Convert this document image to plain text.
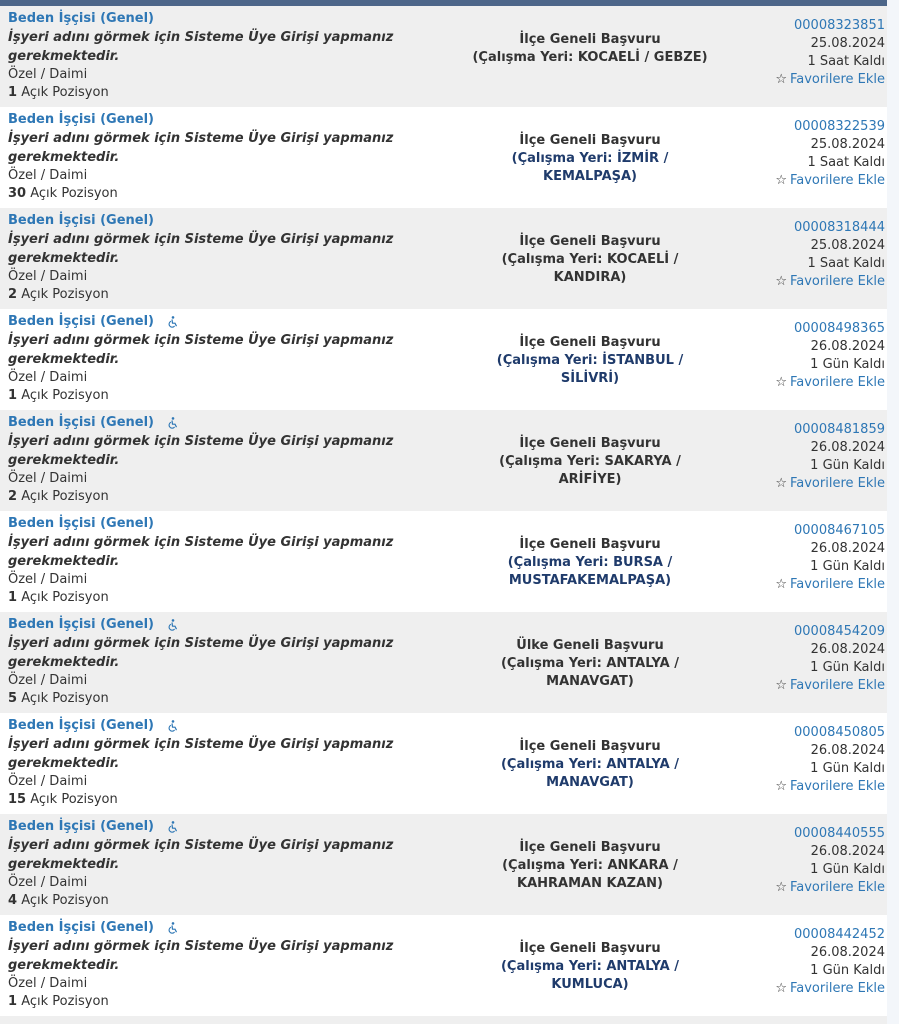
Beden İşçisi (Genel)
İşyeri adını görmek için Sisteme Üye Girişi yapmanız gerekmektedir.
Özel / Daimi
1 Açık Pozisyon
İlçe Geneli Başvuru
(Çalışma Yeri: KOCAELİ / GEBZE)
00008323851
25.08.2024
1 Saat Kaldı
☆ Favorilere Ekle
Beden İşçisi (Genel)
İşyeri adını görmek için Sisteme Üye Girişi yapmanız gerekmektedir.
Özel / Daimi
30 Açık Pozisyon
İlçe Geneli Başvuru
(Çalışma Yeri: İZMİR / KEMALPAŞA)
00008322539
25.08.2024
1 Saat Kaldı
☆ Favorilere Ekle
Beden İşçisi (Genel)
İşyeri adını görmek için Sisteme Üye Girişi yapmanız gerekmektedir.
Özel / Daimi
2 Açık Pozisyon
İlçe Geneli Başvuru
(Çalışma Yeri: KOCAELİ / KANDIRA)
00008318444
25.08.2024
1 Saat Kaldı
☆ Favorilere Ekle
Beden İşçisi (Genel)
İşyeri adını görmek için Sisteme Üye Girişi yapmanız gerekmektedir.
Özel / Daimi
1 Açık Pozisyon
İlçe Geneli Başvuru
(Çalışma Yeri: İSTANBUL / SİLİVRİ)
00008498365
26.08.2024
1 Gün Kaldı
☆ Favorilere Ekle
Beden İşçisi (Genel)
İşyeri adını görmek için Sisteme Üye Girişi yapmanız gerekmektedir.
Özel / Daimi
2 Açık Pozisyon
İlçe Geneli Başvuru
(Çalışma Yeri: SAKARYA / ARİFİYE)
00008481859
26.08.2024
1 Gün Kaldı
☆ Favorilere Ekle
Beden İşçisi (Genel)
İşyeri adını görmek için Sisteme Üye Girişi yapmanız gerekmektedir.
Özel / Daimi
1 Açık Pozisyon
İlçe Geneli Başvuru
(Çalışma Yeri: BURSA / MUSTAFAKEMALPAŞA)
00008467105
26.08.2024
1 Gün Kaldı
☆ Favorilere Ekle
Beden İşçisi (Genel)
İşyeri adını görmek için Sisteme Üye Girişi yapmanız gerekmektedir.
Özel / Daimi
5 Açık Pozisyon
Ülke Geneli Başvuru
(Çalışma Yeri: ANTALYA / MANAVGAT)
00008454209
26.08.2024
1 Gün Kaldı
☆ Favorilere Ekle
Beden İşçisi (Genel)
İşyeri adını görmek için Sisteme Üye Girişi yapmanız gerekmektedir.
Özel / Daimi
15 Açık Pozisyon
İlçe Geneli Başvuru
(Çalışma Yeri: ANTALYA / MANAVGAT)
00008450805
26.08.2024
1 Gün Kaldı
☆ Favorilere Ekle
Beden İşçisi (Genel)
İşyeri adını görmek için Sisteme Üye Girişi yapmanız gerekmektedir.
Özel / Daimi
4 Açık Pozisyon
İlçe Geneli Başvuru
(Çalışma Yeri: ANKARA / KAHRAMAN KAZAN)
00008440555
26.08.2024
1 Gün Kaldı
☆ Favorilere Ekle
Beden İşçisi (Genel)
İşyeri adını görmek için Sisteme Üye Girişi yapmanız gerekmektedir.
Özel / Daimi
1 Açık Pozisyon
İlçe Geneli Başvuru
(Çalışma Yeri: ANTALYA / KUMLUCA)
00008442452
26.08.2024
1 Gün Kaldı
☆ Favorilere Ekle
